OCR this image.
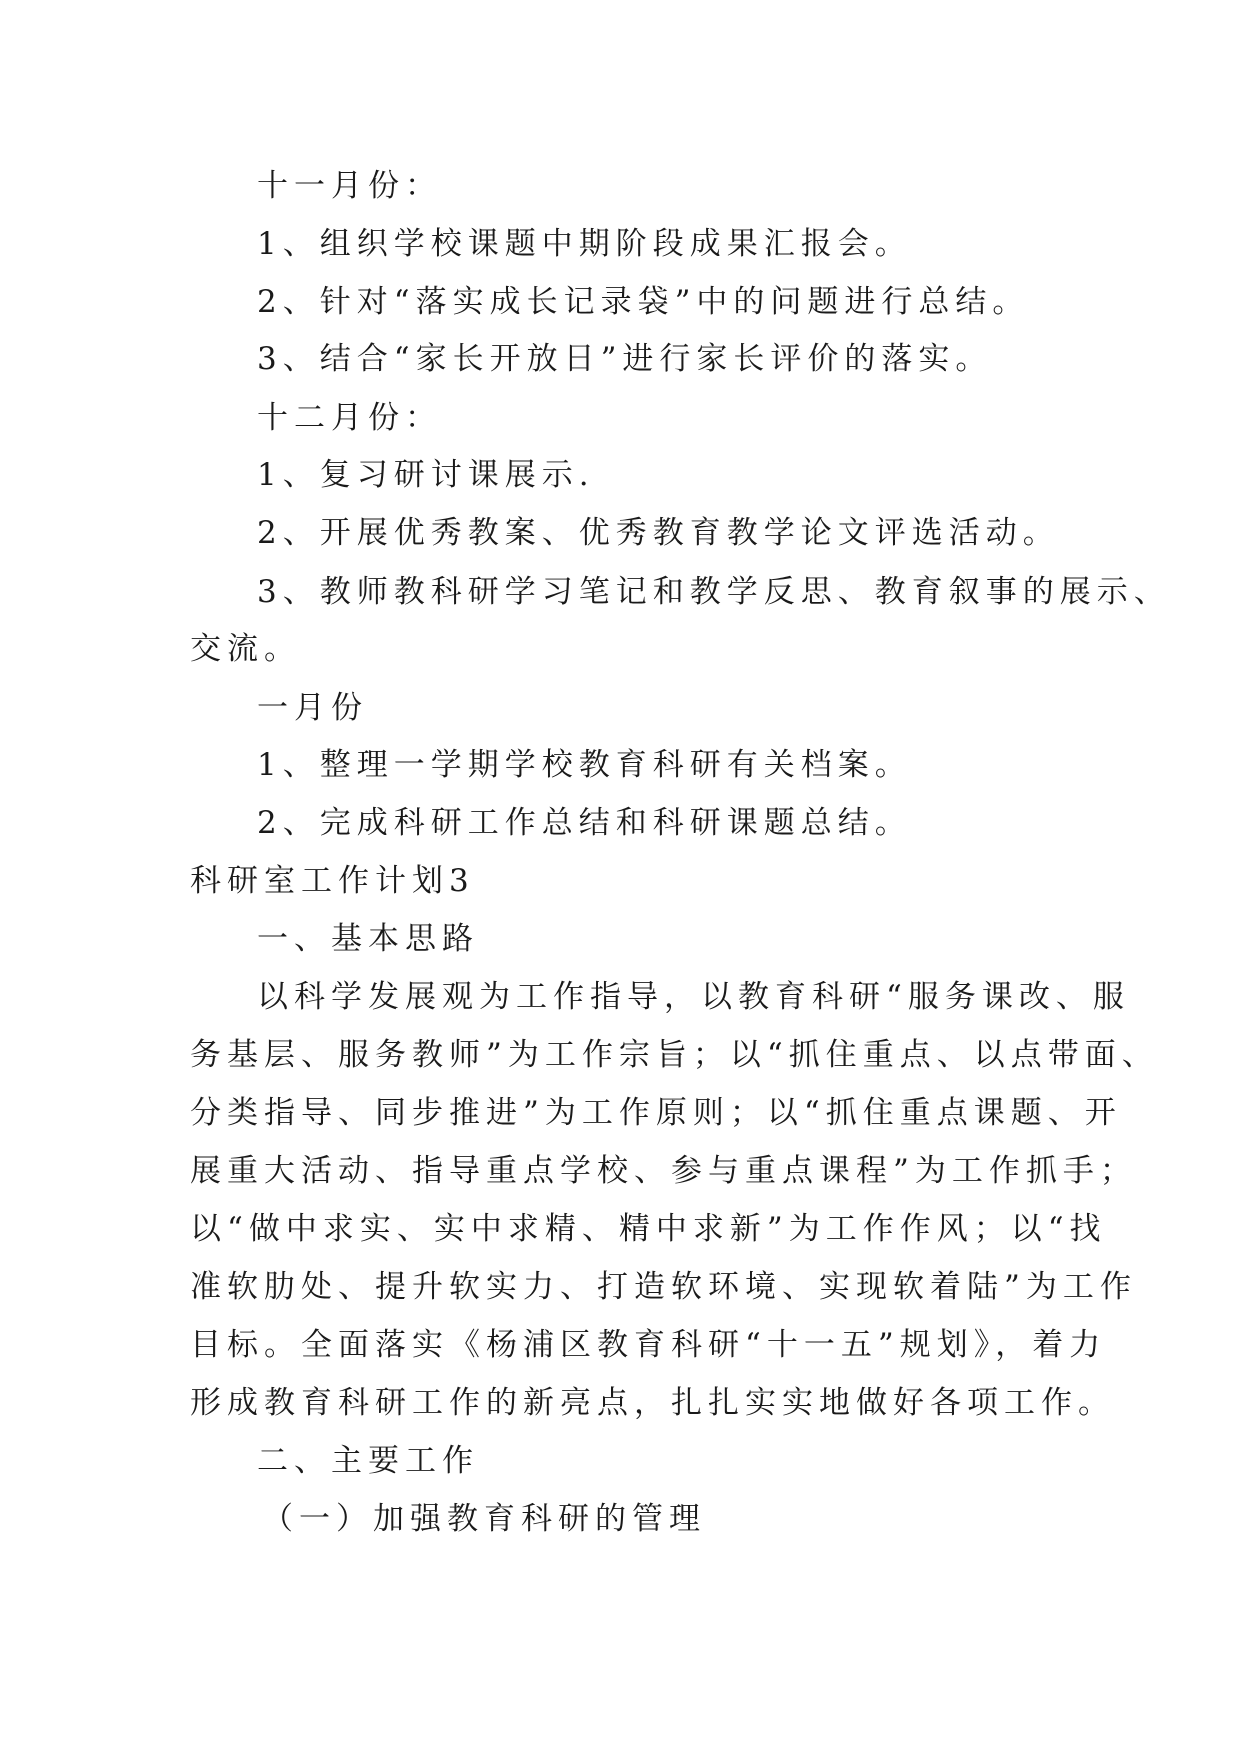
十一月份：
1、组织学校课题中期阶段成果汇报会。
2、针对“落实成长记录袋”中的问题进行总结。
3、结合“家长开放日”进行家长评价的落实。
十二月份：
1、复习研讨课展示.
2、开展优秀教案、优秀教育教学论文评选活动。
3、教师教科研学习笔记和教学反思、教育叙事的展示、
交流。
一月份
1、整理一学期学校教育科研有关档案。
2、完成科研工作总结和科研课题总结。
科研室工作计划3
一、基本思路
以科学发展观为工作指导，以教育科研“服务课改、服
务基层、服务教师”为工作宗旨；以“抓住重点、以点带面、
分类指导、同步推进”为工作原则；以“抓住重点课题、开
展重大活动、指导重点学校、参与重点课程”为工作抓手；
以“做中求实、实中求精、精中求新”为工作作风；以“找
准软肋处、提升软实力、打造软环境、实现软着陆”为工作
目标。全面落实《杨浦区教育科研“十一五”规划》，着力
形成教育科研工作的新亮点，扎扎实实地做好各项工作。
二、主要工作
（一）加强教育科研的管理
